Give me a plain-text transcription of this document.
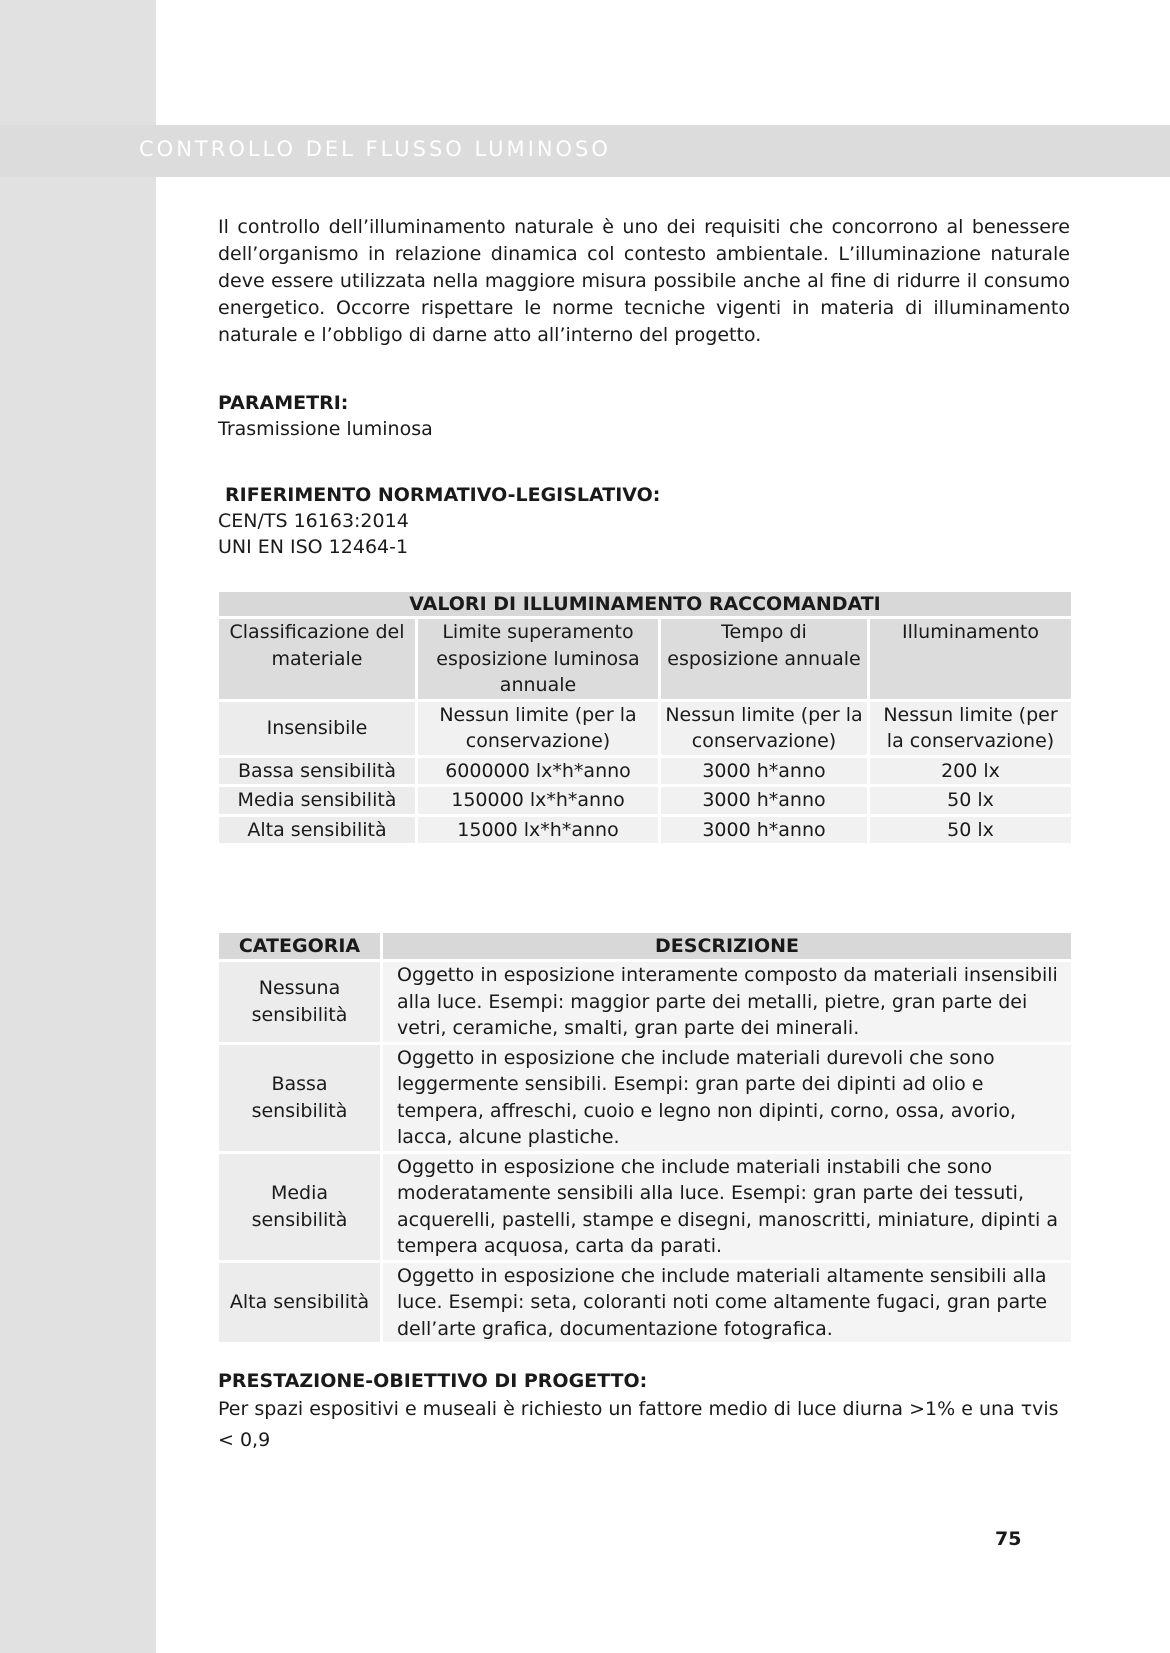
CONTROLLO DEL FLUSSO LUMINOSO

Il controllo dell’illuminamento naturale è uno dei requisiti che concorrono al benessere dell’organismo in relazione dinamica col contesto ambientale. L’illuminazione naturale deve essere utilizzata nella maggiore misura possibile anche al fine di ridurre il consumo energetico. Occorre rispettare le norme tecniche vigenti in materia di illuminamento naturale e l’obbligo di darne atto all’interno del progetto.

PARAMETRI:

Trasmissione luminosa

RIFERIMENTO NORMATIVO-LEGISLATIVO:

CEN/TS 16163:2014

UNI EN ISO 12464-1

VALORI DI ILLUMINAMENTO RACCOMANDATI			
Classificazione del materiale	Limite superamento esposizione luminosa annuale	Tempo di esposizione annuale	Illuminamento
Insensibile	Nessun limite (per la conservazione)	Nessun limite (per la conservazione)	Nessun limite (per la conservazione)
Bassa sensibilità	6000000 lx*h*anno	3000 h*anno	200 lx
Media sensibilità	150000 lx*h*anno	3000 h*anno	50 lx
Alta sensibilità	15000 lx*h*anno	3000 h*anno	50 lx
CATEGORIA	DESCRIZIONE
Nessuna sensibilità	Oggetto in esposizione interamente composto da materiali insensibili alla luce. Esempi: maggior parte dei metalli, pietre, gran parte dei vetri, ceramiche, smalti, gran parte dei minerali.
Bassa sensibilità	Oggetto in esposizione che include materiali durevoli che sono leggermente sensibili. Esempi: gran parte dei dipinti ad olio e tempera, affreschi, cuoio e legno non dipinti, corno, ossa, avorio, lacca, alcune plastiche.
Media sensibilità	Oggetto in esposizione che include materiali instabili che sono moderatamente sensibili alla luce. Esempi: gran parte dei tessuti, acquerelli, pastelli, stampe e disegni, manoscritti, miniature, dipinti a tempera acquosa, carta da parati.
Alta sensibilità	Oggetto in esposizione che include materiali altamente sensibili alla luce. Esempi: seta, coloranti noti come altamente fugaci, gran parte dell’arte grafica, documentazione fotografica.

PRESTAZIONE-OBIETTIVO DI PROGETTO:

Per spazi espositivi e museali è richiesto un fattore medio di luce diurna >1% e una τvis < 0,9

75
